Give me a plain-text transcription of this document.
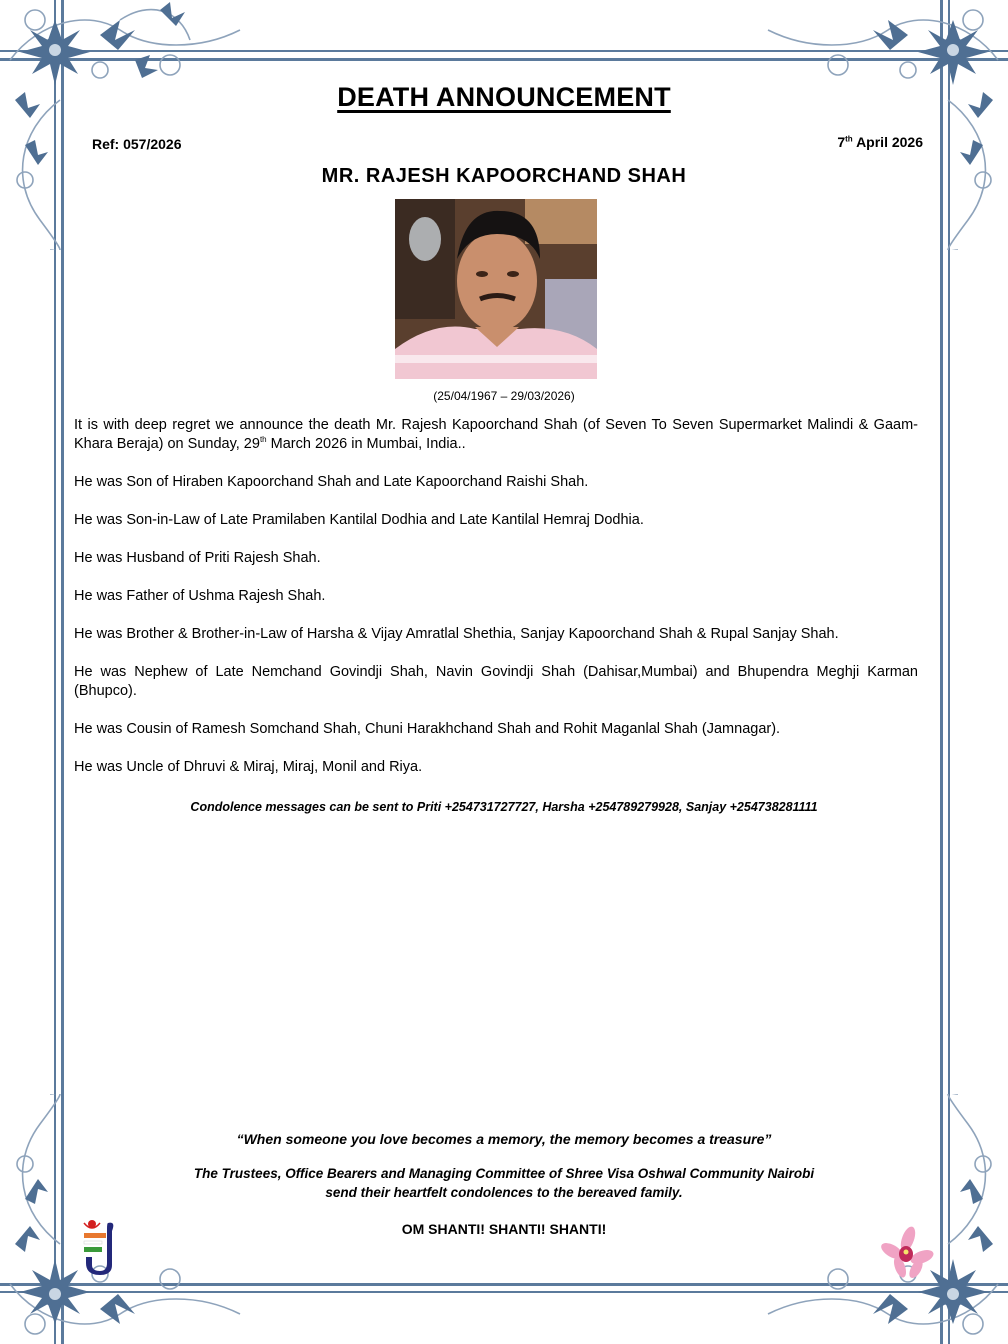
DEATH ANNOUNCEMENT
Ref: 057/2026	7th April 2026
MR. RAJESH KAPOORCHAND SHAH
(25/04/1967 – 29/03/2026)

It is with deep regret we announce the death Mr. Rajesh Kapoorchand Shah (of Seven To Seven Supermarket Malindi & Gaam- Khara Beraja) on Sunday, 29th March 2026 in Mumbai, India..

He was Son of Hiraben Kapoorchand Shah and Late Kapoorchand Raishi Shah.

He was Son-in-Law of Late Pramilaben Kantilal Dodhia and Late Kantilal Hemraj Dodhia.

He was Husband of Priti Rajesh Shah.

He was Father of Ushma Rajesh Shah.

He was Brother & Brother-in-Law of Harsha & Vijay Amratlal Shethia, Sanjay Kapoorchand Shah & Rupal Sanjay Shah.

He was Nephew of Late Nemchand Govindji Shah, Navin Govindji Shah (Dahisar,Mumbai) and Bhupendra Meghji Karman (Bhupco).

He was Cousin of Ramesh Somchand Shah, Chuni Harakhchand Shah and Rohit Maganlal Shah (Jamnagar).

He was Uncle of Dhruvi & Miraj, Miraj, Monil and Riya.

Condolence messages can be sent to Priti +254731727727, Harsha +254789279928, Sanjay +254738281111
“When someone you love becomes a memory, the memory becomes a treasure”
The Trustees, Office Bearers and Managing Committee of Shree Visa Oshwal Community Nairobi
send their heartfelt condolences to the bereaved family.
OM SHANTI! SHANTI! SHANTI!
